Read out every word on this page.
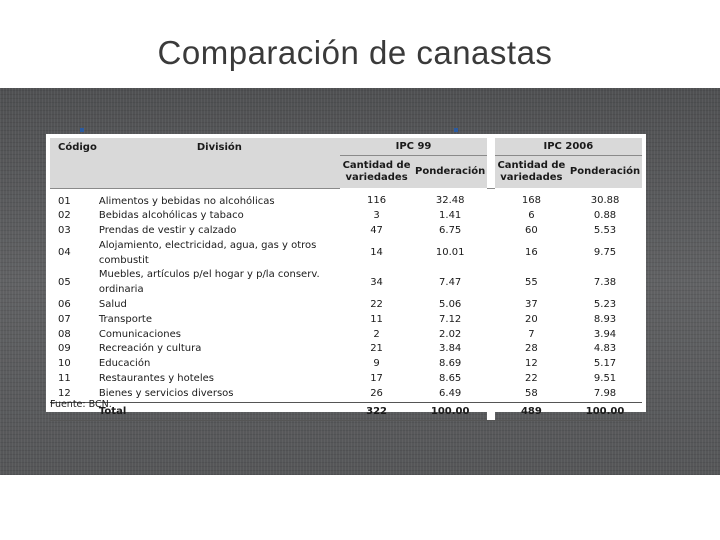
Comparación de canastas
Código	División	IPC 99			IPC 2006	
		Cantidad de variedades	Ponderación		Cantidad de variedades	Ponderación
01	Alimentos y bebidas no alcohólicas	116	32.48		168	30.88
02	Bebidas alcohólicas y tabaco	3	1.41		6	0.88
03	Prendas de vestir y calzado	47	6.75		60	5.53
04	Alojamiento, electricidad, agua, gas y otros combustit	14	10.01		16	9.75
05	Muebles, artículos p/el hogar y p/la conserv. ordinaria	34	7.47		55	7.38
06	Salud	22	5.06		37	5.23
07	Transporte	11	7.12		20	8.93
08	Comunicaciones	2	2.02		7	3.94
09	Recreación y cultura	21	3.84		28	4.83
10	Educación	9	8.69		12	5.17
11	Restaurantes y hoteles	17	8.65		22	9.51
12	Bienes y servicios diversos	26	6.49		58	7.98
	Total	322	100.00		489	100.00
Fuente: BCN.
